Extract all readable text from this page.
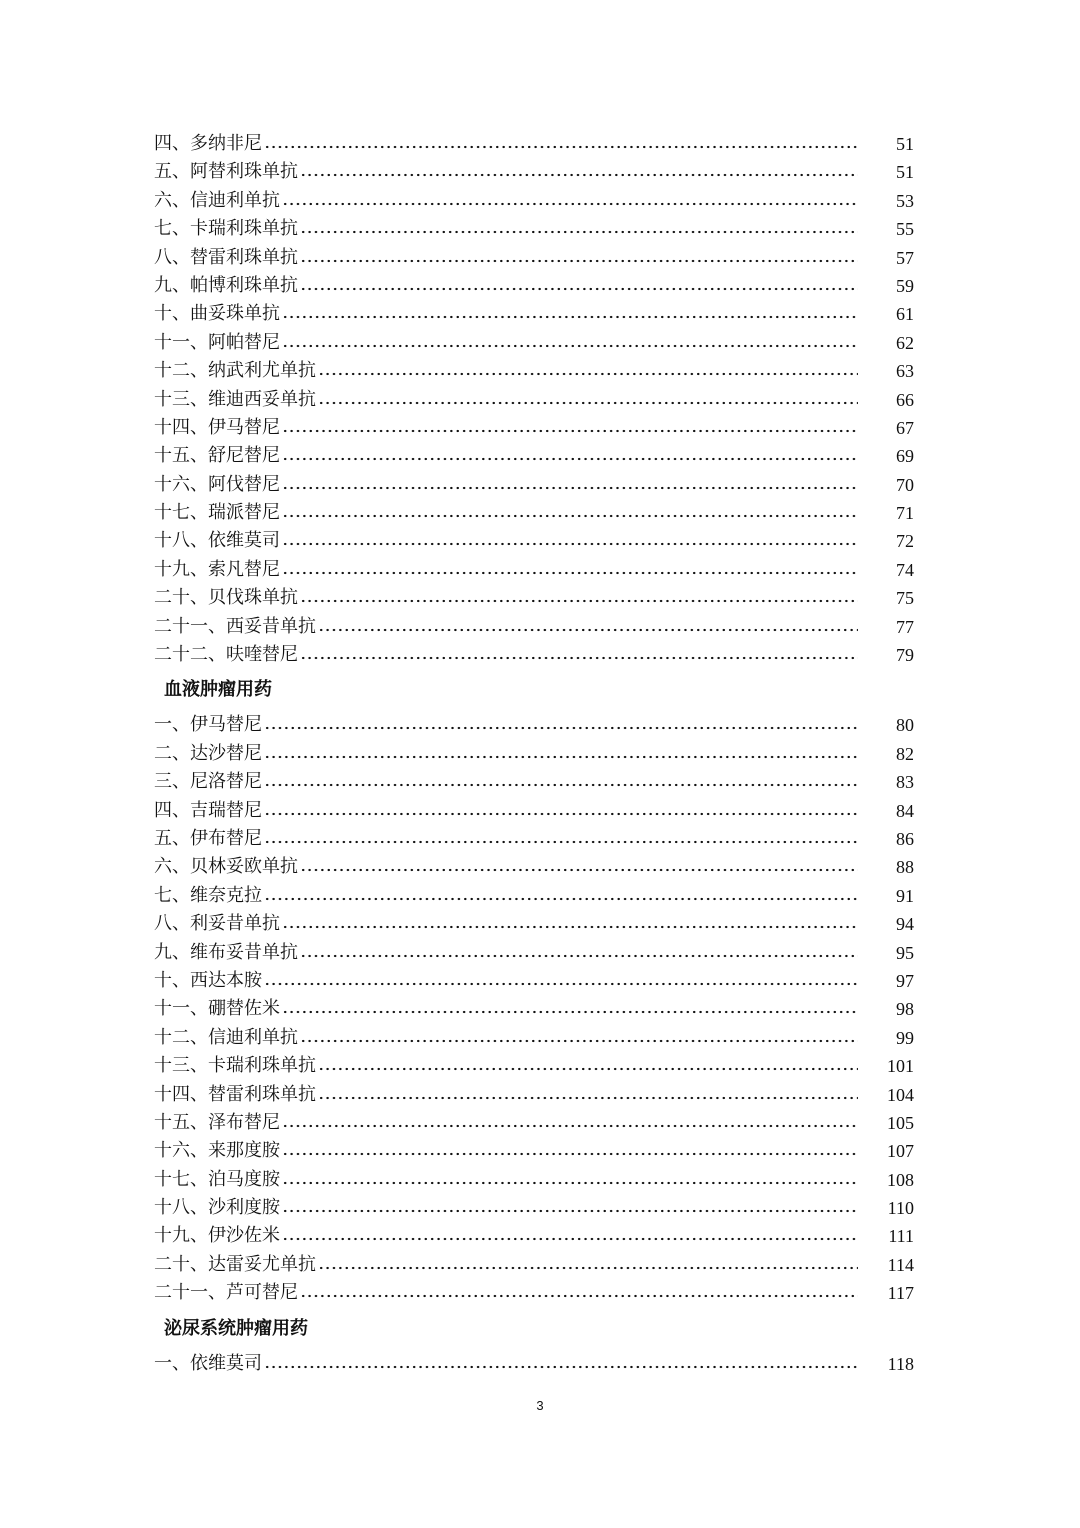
四、多纳非尼	51
五、阿替利珠单抗	51
六、信迪利单抗	53
七、卡瑞利珠单抗	55
八、替雷利珠单抗	57
九、帕博利珠单抗	59
十、曲妥珠单抗	61
十一、阿帕替尼	62
十二、纳武利尤单抗	63
十三、维迪西妥单抗	66
十四、伊马替尼	67
十五、舒尼替尼	69
十六、阿伐替尼	70
十七、瑞派替尼	71
十八、依维莫司	72
十九、索凡替尼	74
二十、贝伐珠单抗	75
二十一、西妥昔单抗	77
二十二、呋喹替尼	79
血液肿瘤用药
一、伊马替尼	80
二、达沙替尼	82
三、尼洛替尼	83
四、吉瑞替尼	84
五、伊布替尼	86
六、贝林妥欧单抗	88
七、维奈克拉	91
八、利妥昔单抗	94
九、维布妥昔单抗	95
十、西达本胺	97
十一、硼替佐米	98
十二、信迪利单抗	99
十三、卡瑞利珠单抗	101
十四、替雷利珠单抗	104
十五、泽布替尼	105
十六、来那度胺	107
十七、泊马度胺	108
十八、沙利度胺	110
十九、伊沙佐米	111
二十、达雷妥尤单抗	114
二十一、芦可替尼	117
泌尿系统肿瘤用药
一、依维莫司	118
3
